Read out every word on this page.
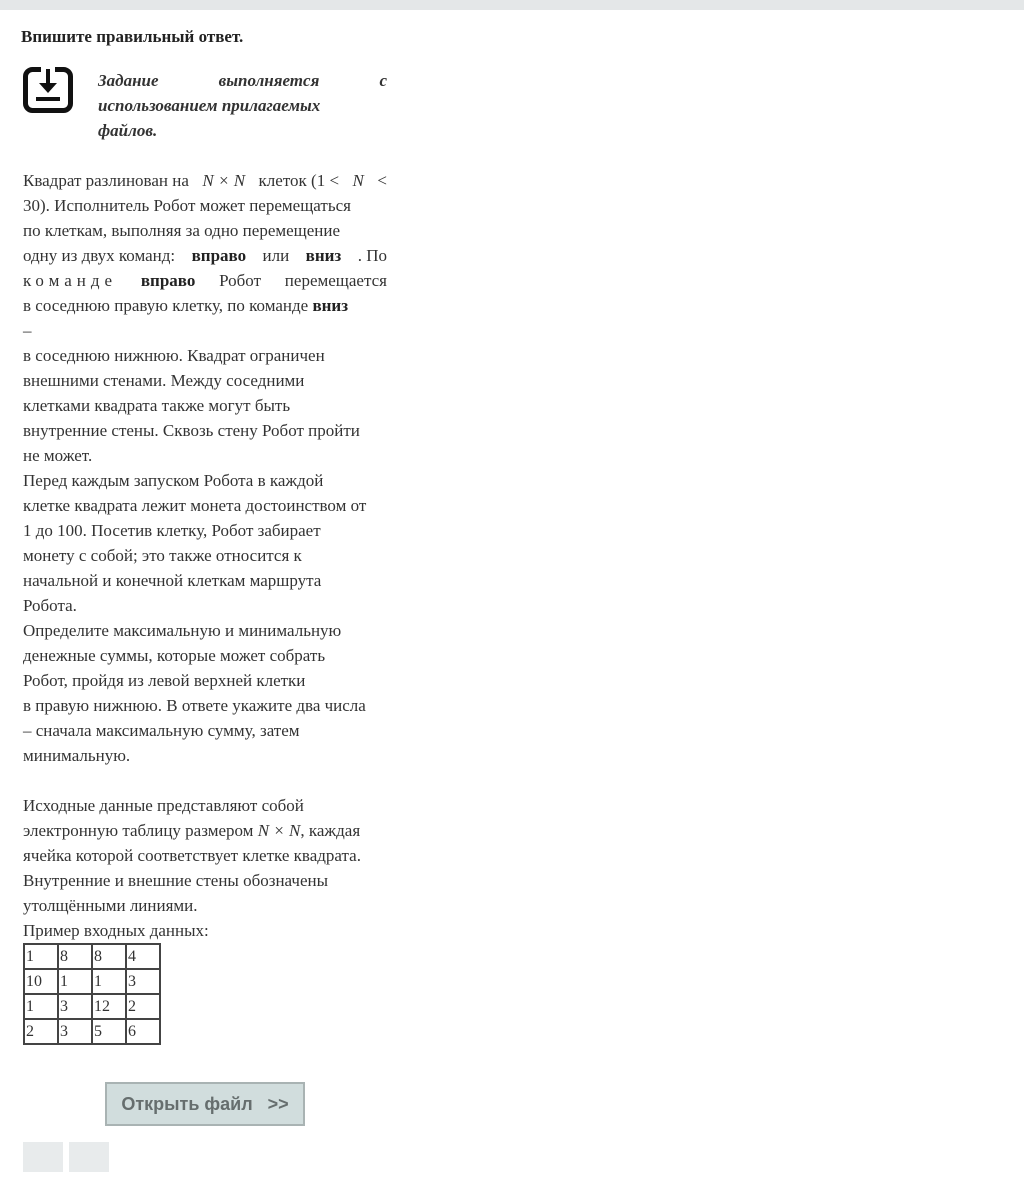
Впишите правильный ответ.
Задание	выполняется	с
использованием прилагаемых
файлов.
Квадрат разлинован на N × N клеток (1 < N <
30). Исполнитель Робот может перемещаться
по клеткам, выполняя за одно перемещение
одну из двух команд: вправо или вниз . По
команде вправо Робот перемещается
в соседнюю правую клетку, по команде вниз
–
в соседнюю нижнюю. Квадрат ограничен
внешними стенами. Между соседними
клетками квадрата также могут быть
внутренние стены. Сквозь стену Робот пройти
не может.
Перед каждым запуском Робота в каждой
клетке квадрата лежит монета достоинством от
1 до 100. Посетив клетку, Робот забирает
монету с собой; это также относится к
начальной и конечной клеткам маршрута
Робота.
Определите максимальную и минимальную
денежные суммы, которые может собрать
Робот, пройдя из левой верхней клетки
в правую нижнюю. В ответе укажите два числа
– сначала максимальную сумму, затем
минимальную.
Исходные данные представляют собой
электронную таблицу размером N × N , каждая
ячейка которой соответствует клетке квадрата.
Внутренние и внешние стены обозначены
утолщёнными линиями.
Пример входных данных:
1	8	8	4
10	1	1	3
1	3	12	2
2	3	5	6
Открыть файл   >>
